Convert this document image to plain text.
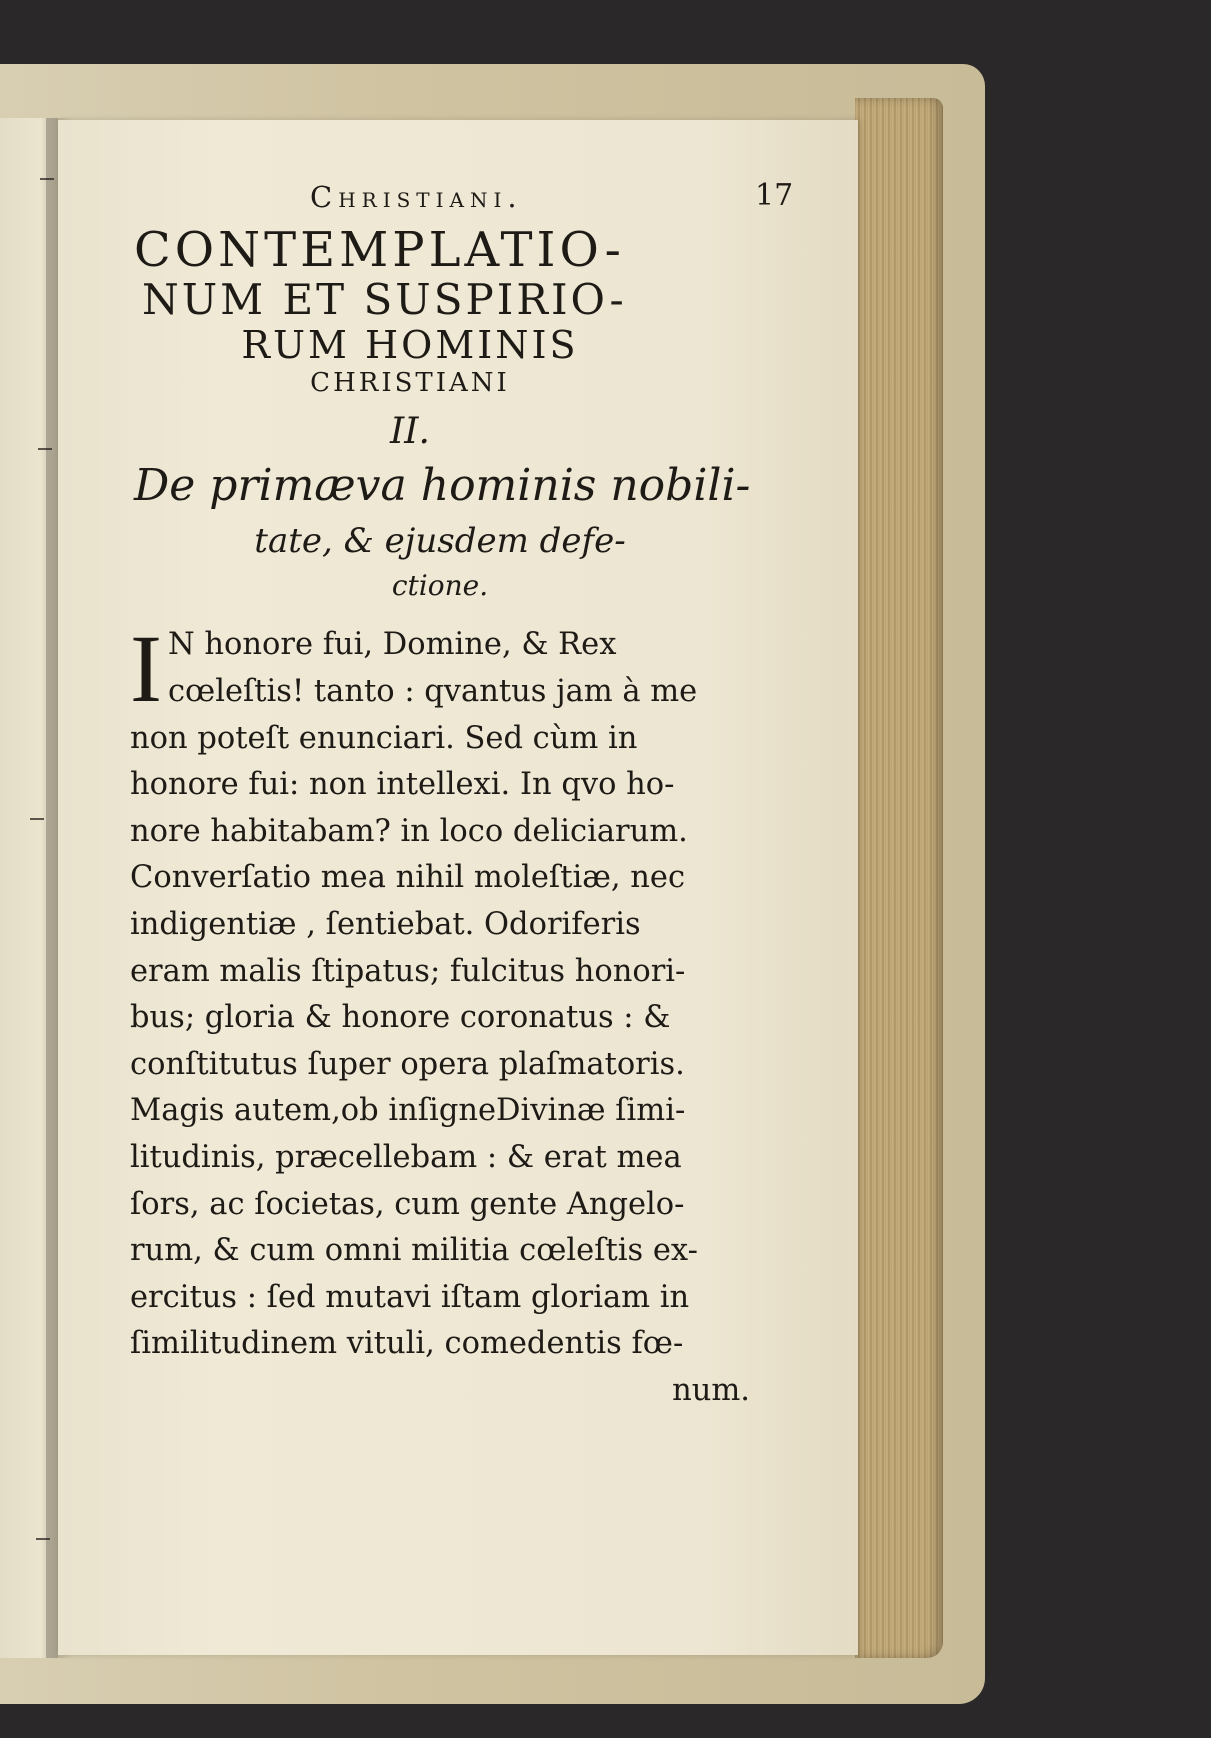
Christiani.	17
CONTEMPLATIO-
NUM ET SUSPIRIO-
RUM HOMINIS
CHRISTIANI
II.
De primæva hominis nobili-
tate, & ejusdem defe-
ctione.
I N honore fui, Domine, & Rex
cœleſtis! tanto : qvantus jam à me
non poteſt enunciari. Sed cùm in
honore fui: non intellexi. In qvo ho-
nore habitabam? in loco deliciarum.
Converſatio mea nihil moleſtiæ, nec
indigentiæ , ſentiebat. Odoriferis
eram malis ſtipatus; fulcitus honori-
bus; gloria & honore coronatus : &
conſtitutus ſuper opera plaſmatoris.
Magis autem,ob inſigneDivinæ ſimi-
litudinis, præcellebam : & erat mea
ſors, ac ſocietas, cum gente Angelo-
rum, & cum omni militia cœleſtis ex-
ercitus : ſed mutavi iſtam gloriam in
ſimilitudinem vituli, comedentis fœ-
num.
